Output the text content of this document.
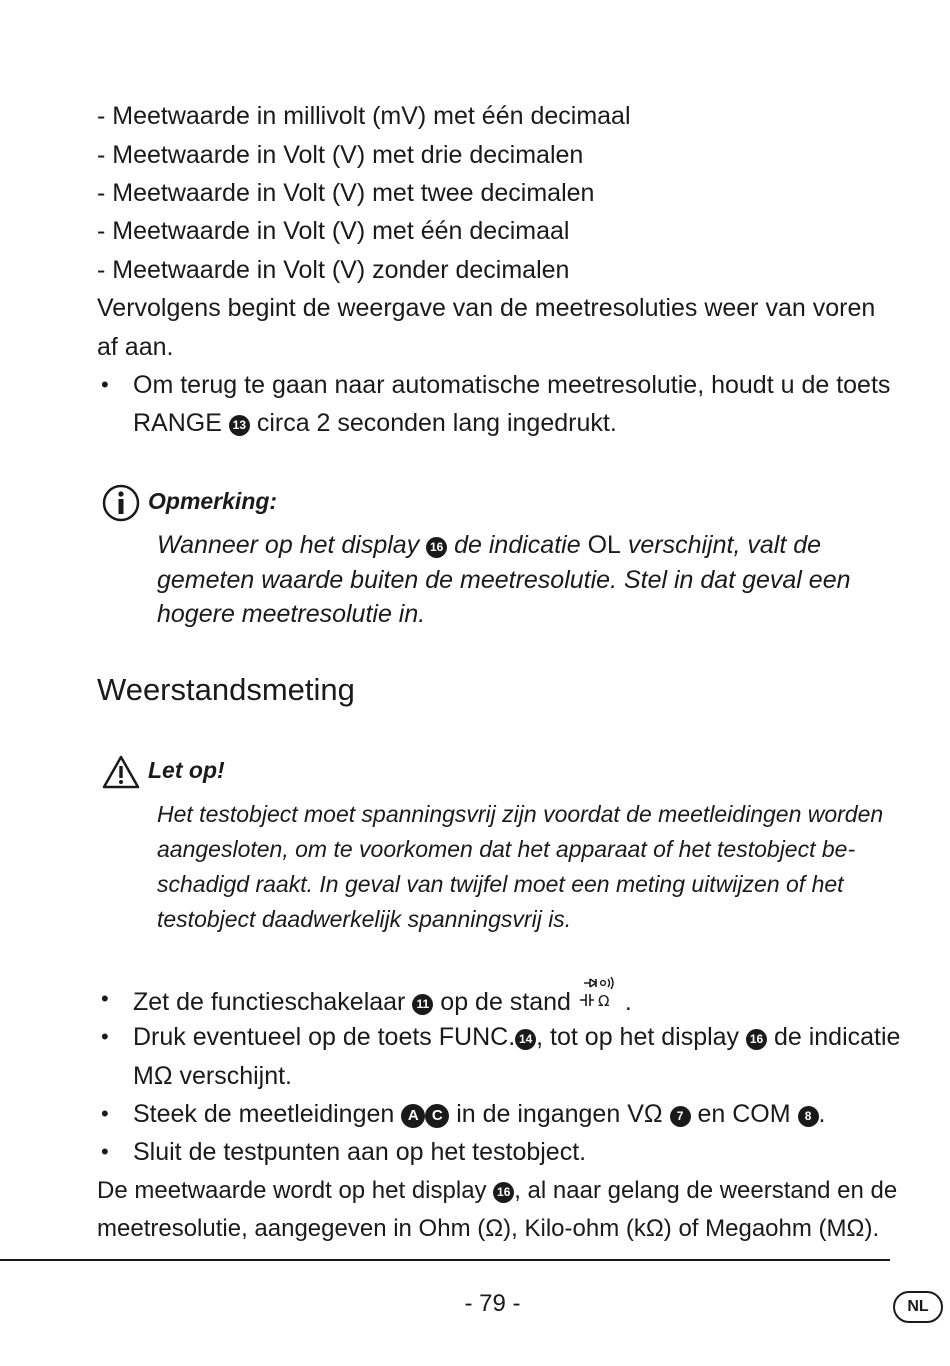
- Meetwaarde in millivolt (mV) met één decimaal
- Meetwaarde in Volt (V) met drie decimalen
- Meetwaarde in Volt (V) met twee decimalen
- Meetwaarde in Volt (V) met één decimaal
- Meetwaarde in Volt (V) zonder decimalen
Vervolgens begint de weergave van de meetresoluties weer van voren
af aan.
• Om terug te gaan naar automatische meetresolutie, houdt u de toets
RANGE 13 circa 2 seconden lang ingedrukt.
Opmerking:
Wanneer op het display 16 de indicatie OL verschijnt, valt de
gemeten waarde buiten de meetresolutie. Stel in dat geval een
hogere meetresolutie in.
Weerstandsmeting
Let op!
Het testobject moet spanningsvrij zijn voordat de meetleidingen worden
aangesloten, om te voorkomen dat het apparaat of het testobject be-
schadigd raakt. In geval van twijfel moet een meting uitwijzen of het
testobject daadwerkelijk spanningsvrij is.
• Zet de functieschakelaar 11 op de stand Ω .
• Druk eventueel op de toets FUNC. 14 , tot op het display 16 de indicatie
MΩ verschijnt.
• Steek de meetleidingen A C in de ingangen VΩ 7 en COM 8 .
• Sluit de testpunten aan op het testobject.
De meetwaarde wordt op het display 16 , al naar gelang de weerstand en de
meetresolutie, aangegeven in Ohm (Ω), Kilo-ohm (kΩ) of Megaohm (MΩ).
- 79 -	NL
